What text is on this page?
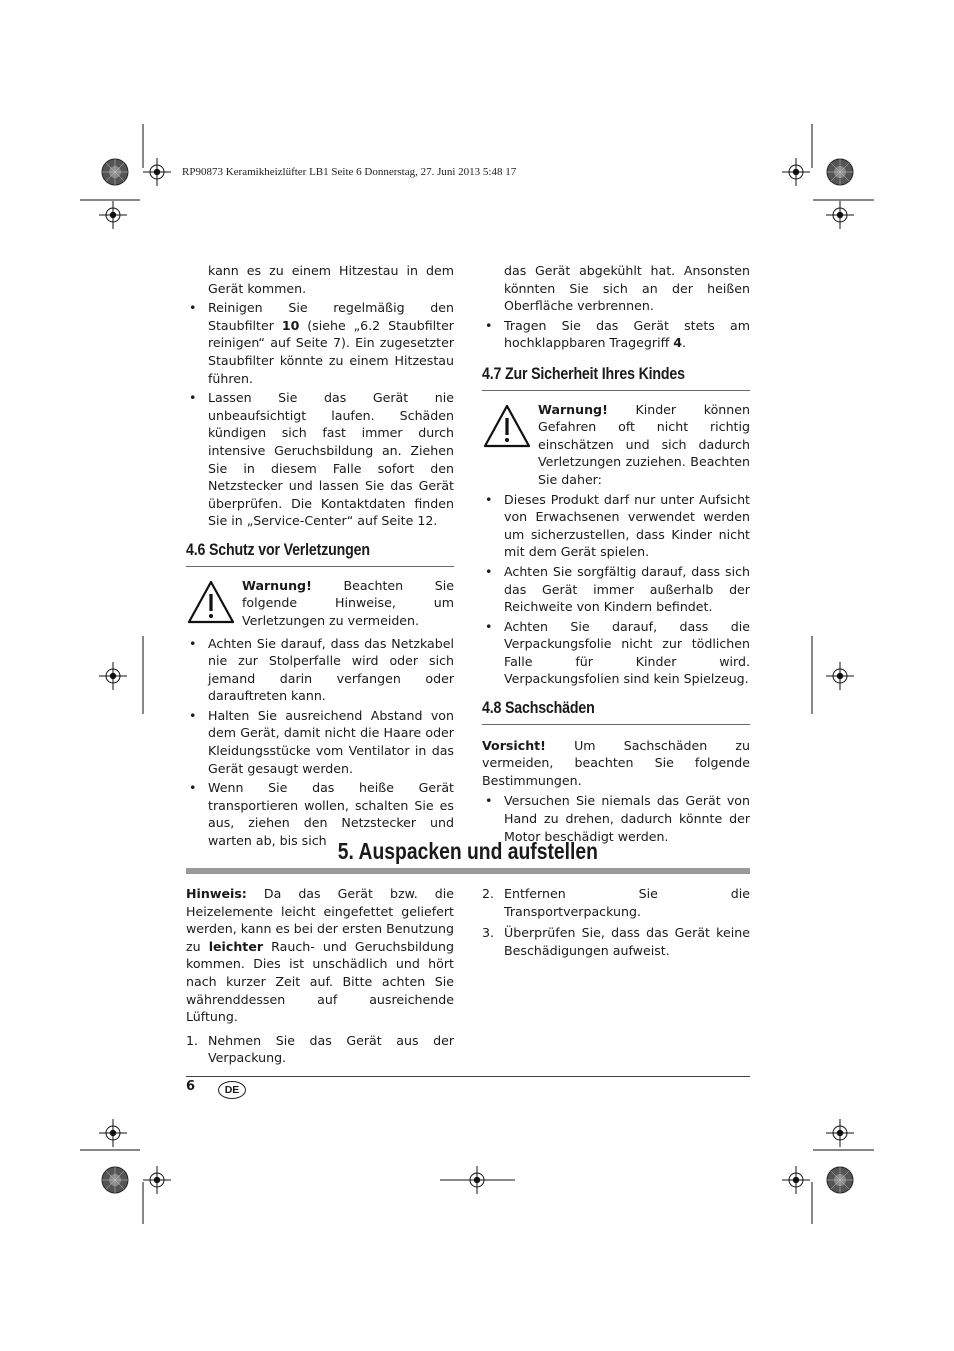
RP90873 Keramikheizlüfter LB1 Seite 6 Donnerstag, 27. Juni 2013 5:48 17

kann es zu einem Hitzestau in dem Gerät kommen.

• Reinigen Sie regelmäßig den Staubfilter 10 (siehe „6.2 Staubfilter reinigen“ auf Seite 7). Ein zugesetzter Staubfilter könnte zu einem Hitzestau führen.
• Lassen Sie das Gerät nie unbeaufsichtigt laufen. Schäden kündigen sich fast immer durch intensive Geruchsbildung an. Ziehen Sie in diesem Falle sofort den Netzstecker und lassen Sie das Gerät überprüfen. Die Kontaktdaten finden Sie in „Service-Center“ auf Seite 12.
4.6 Schutz vor Verletzungen

Warnung! Beachten Sie folgende Hinweise, um Verletzungen zu vermeiden.

• Achten Sie darauf, dass das Netzkabel nie zur Stolperfalle wird oder sich jemand darin verfangen oder darauftreten kann.
• Halten Sie ausreichend Abstand von dem Gerät, damit nicht die Haare oder Kleidungsstücke vom Ventilator in das Gerät gesaugt werden.
• Wenn Sie das heiße Gerät transportieren wollen, schalten Sie es aus, ziehen den Netzstecker und warten ab, bis sich

das Gerät abgekühlt hat. Ansonsten könnten Sie sich an der heißen Oberfläche verbrennen.

• Tragen Sie das Gerät stets am hochklappbaren Tragegriff 4.
4.7 Zur Sicherheit Ihres Kindes

Warnung! Kinder können Gefahren oft nicht richtig einschätzen und sich dadurch Verletzungen zuziehen. Beachten Sie daher:

• Dieses Produkt darf nur unter Aufsicht von Erwachsenen verwendet werden um sicherzustellen, dass Kinder nicht mit dem Gerät spielen.
• Achten Sie sorgfältig darauf, dass sich das Gerät immer außerhalb der Reichweite von Kindern befindet.
• Achten Sie darauf, dass die Verpackungsfolie nicht zur tödlichen Falle für Kinder wird. Verpackungsfolien sind kein Spielzeug.
4.8 Sachschäden

Vorsicht! Um Sachschäden zu vermeiden, beachten Sie folgende Bestimmungen.

• Versuchen Sie niemals das Gerät von Hand zu drehen, dadurch könnte der Motor beschädigt werden.
5. Auspacken und aufstellen

Hinweis: Da das Gerät bzw. die Heizelemente leicht eingefettet geliefert werden, kann es bei der ersten Benutzung zu leichter Rauch- und Geruchsbildung kommen. Dies ist unschädlich und hört nach kurzer Zeit auf. Bitte achten Sie währenddessen auf ausreichende Lüftung.

1. Nehmen Sie das Gerät aus der Verpackung.
2. Entfernen Sie die Transportverpackung.
3. Überprüfen Sie, dass das Gerät keine Beschädigungen aufweist.
6	DE
